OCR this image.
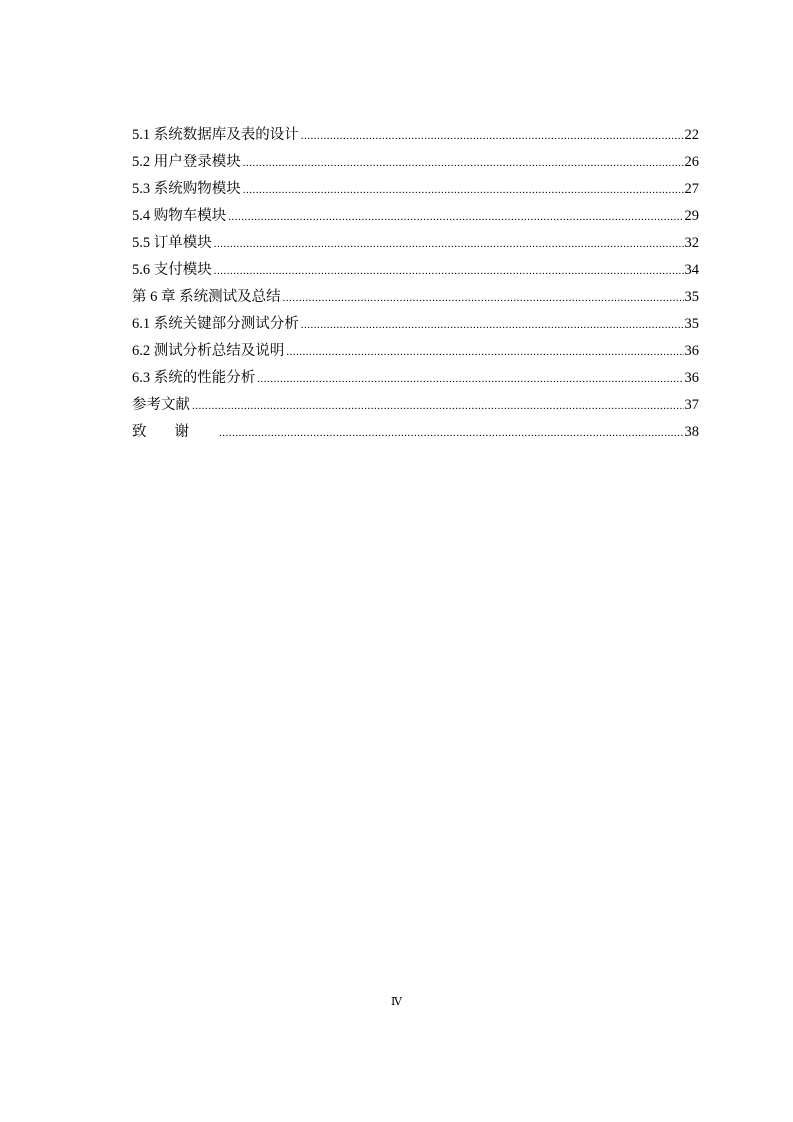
5.1 系统数据库及表的设计 .....	22
5.2 用户登录模块 .....	26
5.3 系统购物模块 .....	27
5.4 购物车模块 .....	29
5.5 订单模块 .....	32
5.6 支付模块 .....	34
第 6 章 系统测试及总结 .....	35
6.1 系统关键部分测试分析 .....	35
6.2 测试分析总结及说明 .....	36
6.3 系统的性能分析 .....	36
参考文献 .....	37
致谢 .....	38
Ⅳ
